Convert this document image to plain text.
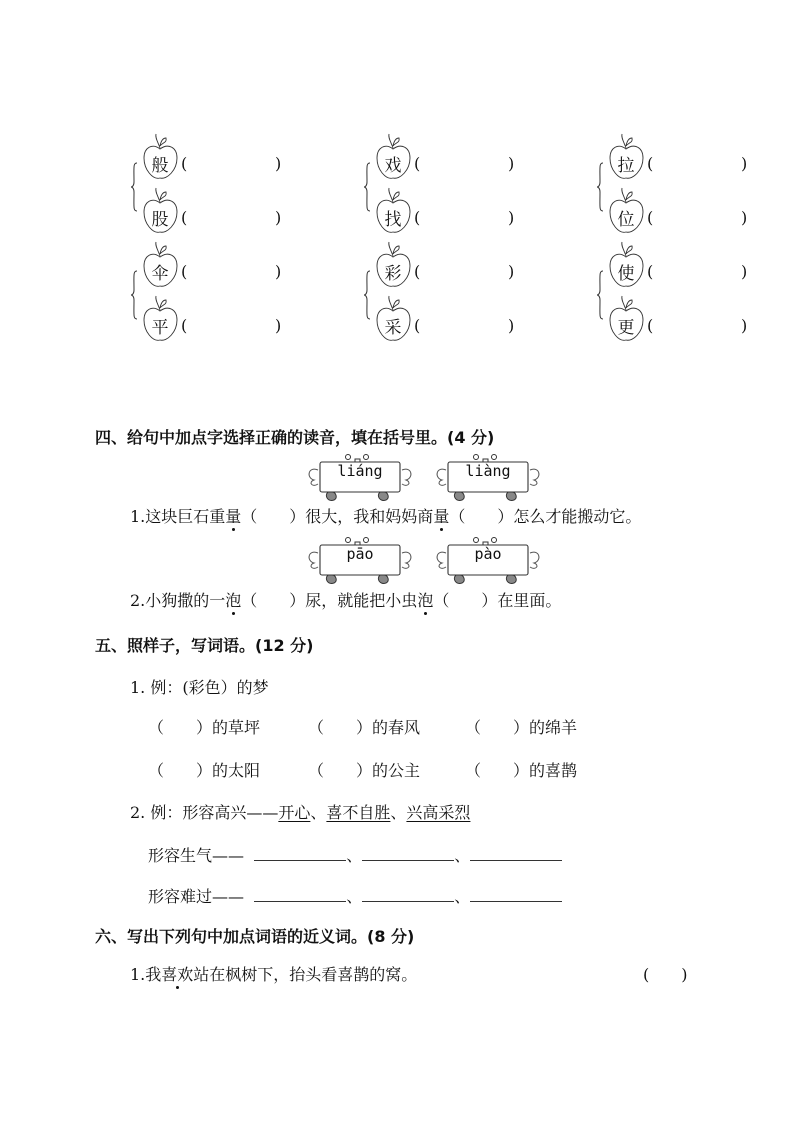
般 (	)
股 (	)
戏 (	)
找 (	)
拉 (	)
位 (	)
伞 (	)
平 (	)
彩 (	)
采 (	)
使 (	)
更 (	)
四、给句中加点字选择正确的读音，填在括号里。(4 分)
liáng	liàng
1.这块巨石重量（　　）很大，我和妈妈商量（　　）怎么才能搬动它。
pāo	pào
2.小狗撒的一泡（　　）尿，就能把小虫泡（　　）在里面。
五、照样子，写词语。(12 分)
1. 例：(彩色）的梦
（　　）的草坪	（　　）的春风	（　　）的绵羊
（　　）的太阳	（　　）的公主	（　　）的喜鹊
2. 例：形容高兴——开心、喜不自胜、兴高采烈
形容生气——	、	、
形容难过——	、	、
六、写出下列句中加点词语的近义词。(8 分)
1.我喜欢站在枫树下，抬头看喜鹊的窝。	(　　)
